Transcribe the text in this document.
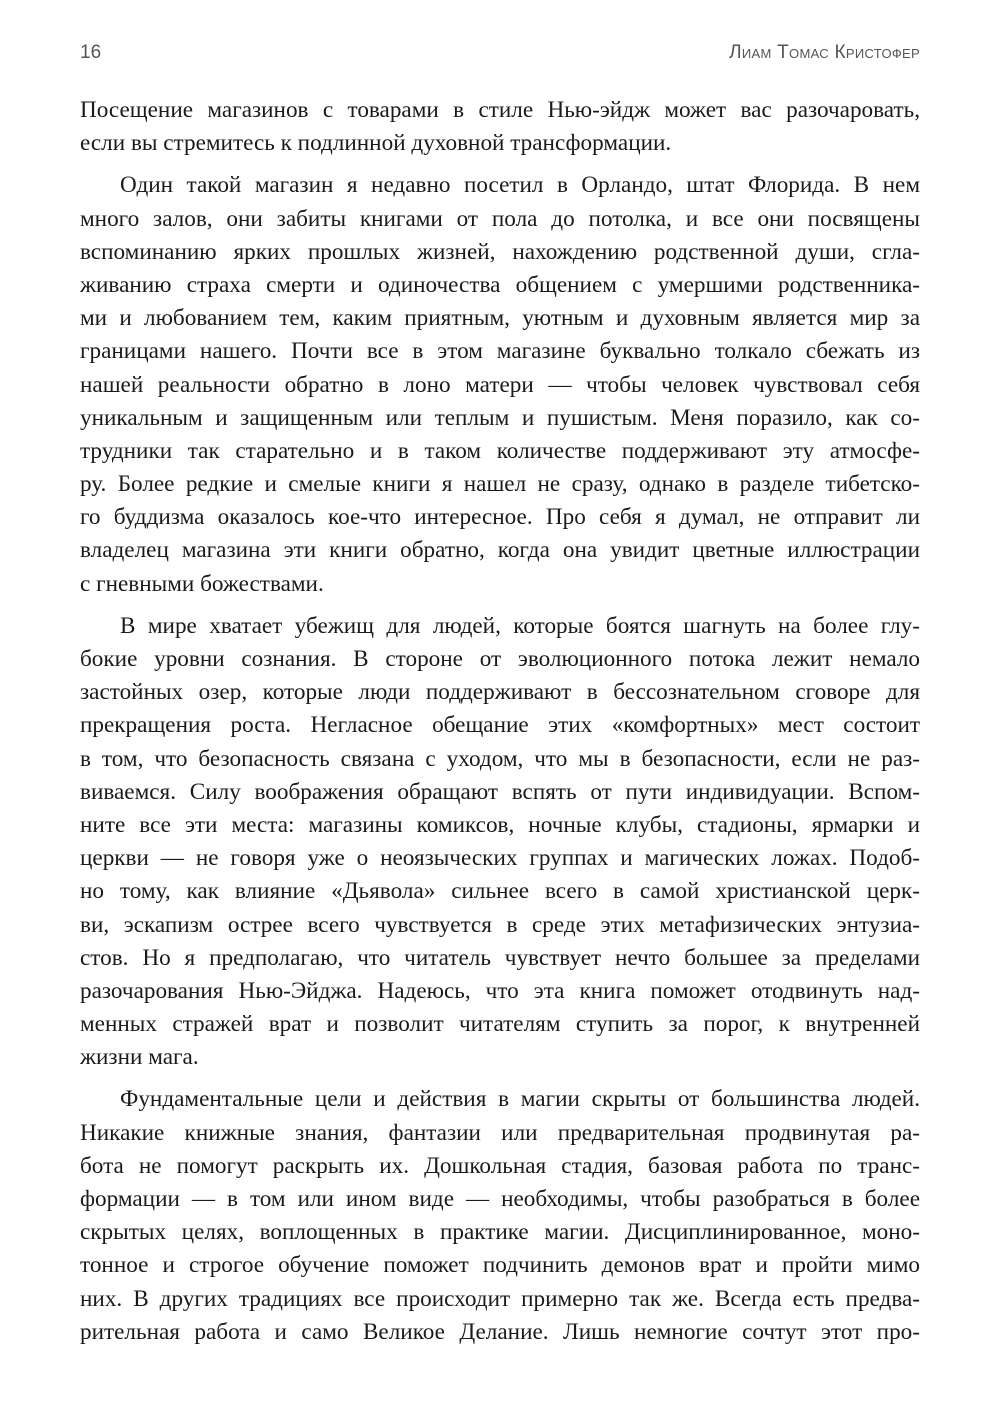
16	Лиам Томас Кристофер
Посещение магазинов с товарами в стиле Нью-эйдж может вас разочаровать,
если вы стремитесь к подлинной духовной трансформации.
Один такой магазин я недавно посетил в Орландо, штат Флорида. В нем
много залов, они забиты книгами от пола до потолка, и все они посвящены
вспоминанию ярких прошлых жизней, нахождению родственной души, сгла-
живанию страха смерти и одиночества общением с умершими родственника-
ми и любованием тем, каким приятным, уютным и духовным является мир за
границами нашего. Почти все в этом магазине буквально толкало сбежать из
нашей реальности обратно в лоно матери — чтобы человек чувствовал себя
уникальным и защищенным или теплым и пушистым. Меня поразило, как со-
трудники так старательно и в таком количестве поддерживают эту атмосфе-
ру. Более редкие и смелые книги я нашел не сразу, однако в разделе тибетско-
го буддизма оказалось кое-что интересное. Про себя я думал, не отправит ли
владелец магазина эти книги обратно, когда она увидит цветные иллюстрации
с гневными божествами.
В мире хватает убежищ для людей, которые боятся шагнуть на более глу-
бокие уровни сознания. В стороне от эволюционного потока лежит немало
застойных озер, которые люди поддерживают в бессознательном сговоре для
прекращения роста. Негласное обещание этих «комфортных» мест состоит
в том, что безопасность связана с уходом, что мы в безопасности, если не раз-
виваемся. Силу воображения обращают вспять от пути индивидуации. Вспом-
ните все эти места: магазины комиксов, ночные клубы, стадионы, ярмарки и
церкви — не говоря уже о неоязыческих группах и магических ложах. Подоб-
но тому, как влияние «Дьявола» сильнее всего в самой христианской церк-
ви, эскапизм острее всего чувствуется в среде этих метафизических энтузиа-
стов. Но я предполагаю, что читатель чувствует нечто большее за пределами
разочарования Нью-Эйджа. Надеюсь, что эта книга поможет отодвинуть над-
менных стражей врат и позволит читателям ступить за порог, к внутренней
жизни мага.
Фундаментальные цели и действия в магии скрыты от большинства людей.
Никакие книжные знания, фантазии или предварительная продвинутая ра-
бота не помогут раскрыть их. Дошкольная стадия, базовая работа по транс-
формации — в том или ином виде — необходимы, чтобы разобраться в более
скрытых целях, воплощенных в практике магии. Дисциплинированное, моно-
тонное и строгое обучение поможет подчинить демонов врат и пройти мимо
них. В других традициях все происходит примерно так же. Всегда есть предва-
рительная работа и само Великое Делание. Лишь немногие сочтут этот про-
